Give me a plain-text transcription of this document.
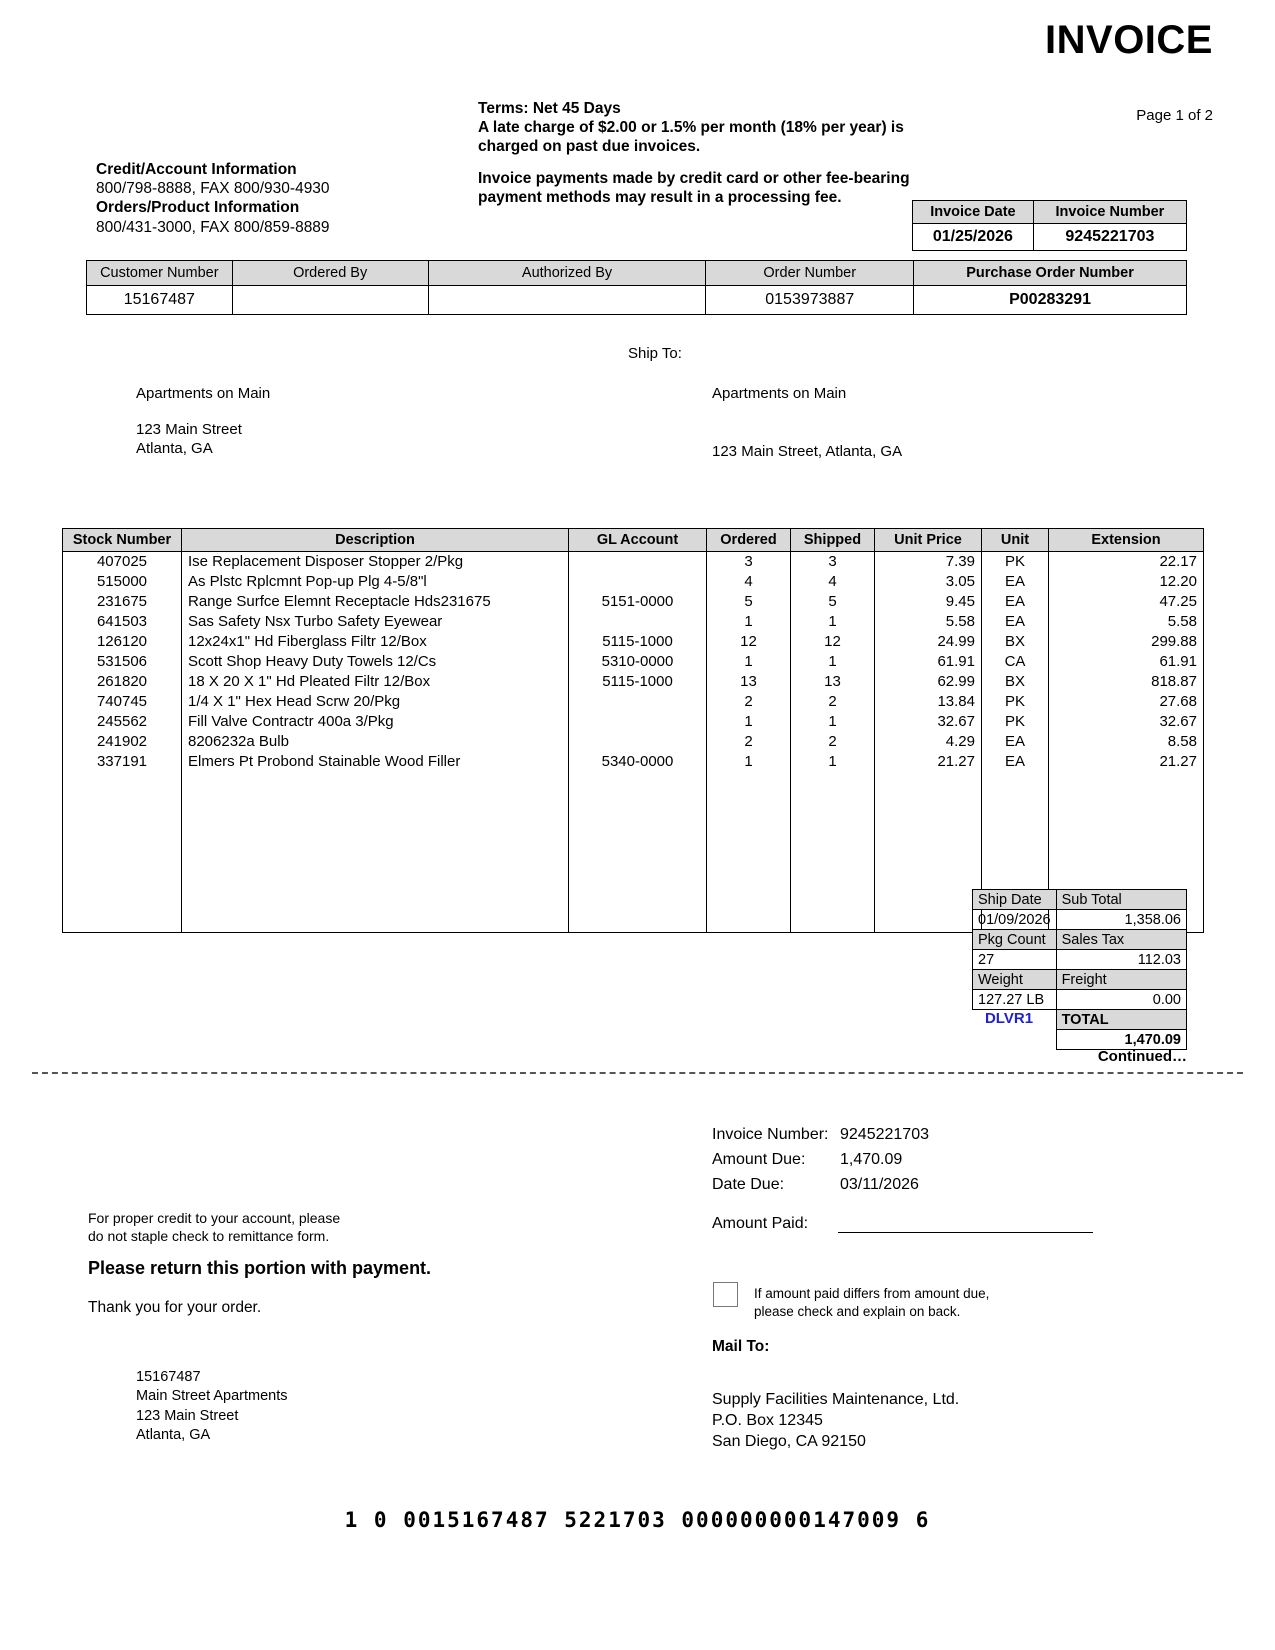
INVOICE
Page 1 of 2
Terms: Net 45 Days
A late charge of $2.00 or 1.5% per month (18% per year) is
charged on past due invoices.
Invoice payments made by credit card or other fee-bearing
payment methods may result in a processing fee.
Credit/Account Information
800/798-8888, FAX 800/930-4930
Orders/Product Information
800/431-3000, FAX 800/859-8889
Invoice Date	Invoice Number
01/25/2026	9245221703
Customer Number	Ordered By	Authorized By	Order Number	Purchase Order Number
15167487			0153973887	P00283291
Ship To:
Apartments on Main
123 Main Street
Atlanta, GA
Apartments on Main
123 Main Street, Atlanta, GA
Stock Number	Description	GL Account	Ordered	Shipped	Unit Price	Unit	Extension
407025	Ise Replacement Disposer Stopper 2/Pkg		3	3	7.39	PK	22.17
515000	As Plstc Rplcmnt Pop-up Plg 4-5/8"l		4	4	3.05	EA	12.20
231675	Range Surfce Elemnt Receptacle Hds231675	5151-0000	5	5	9.45	EA	47.25
641503	Sas Safety Nsx Turbo Safety Eyewear		1	1	5.58	EA	5.58
126120	12x24x1" Hd Fiberglass Filtr 12/Box	5115-1000	12	12	24.99	BX	299.88
531506	Scott Shop Heavy Duty Towels 12/Cs	5310-0000	1	1	61.91	CA	61.91
261820	18 X 20 X 1" Hd Pleated Filtr 12/Box	5115-1000	13	13	62.99	BX	818.87
740745	1/4 X 1" Hex Head Scrw 20/Pkg		2	2	13.84	PK	27.68
245562	Fill Valve Contractr 400a 3/Pkg		1	1	32.67	PK	32.67
241902	8206232a Bulb		2	2	4.29	EA	8.58
337191	Elmers Pt Probond Stainable Wood Filler	5340-0000	1	1	21.27	EA	21.27

Ship Date	Sub Total
01/09/2026	1,358.06
Pkg Count	Sales Tax
27	112.03
Weight	Freight
127.27 LB	0.00
	TOTAL
	1,470.09
DLVR1
Continued…
Invoice Number: 9245221703
Amount Due:	1,470.09
Date Due:	03/11/2026
Amount Paid:
If amount paid differs from amount due,
please check and explain on back.
Mail To:
Supply Facilities Maintenance, Ltd.
P.O. Box 12345
San Diego, CA 92150
For proper credit to your account, please
do not staple check to remittance form.
Please return this portion with payment.
Thank you for your order.
15167487
Main Street Apartments
123 Main Street
Atlanta, GA
1 0 0015167487 5221703 000000000147009 6
